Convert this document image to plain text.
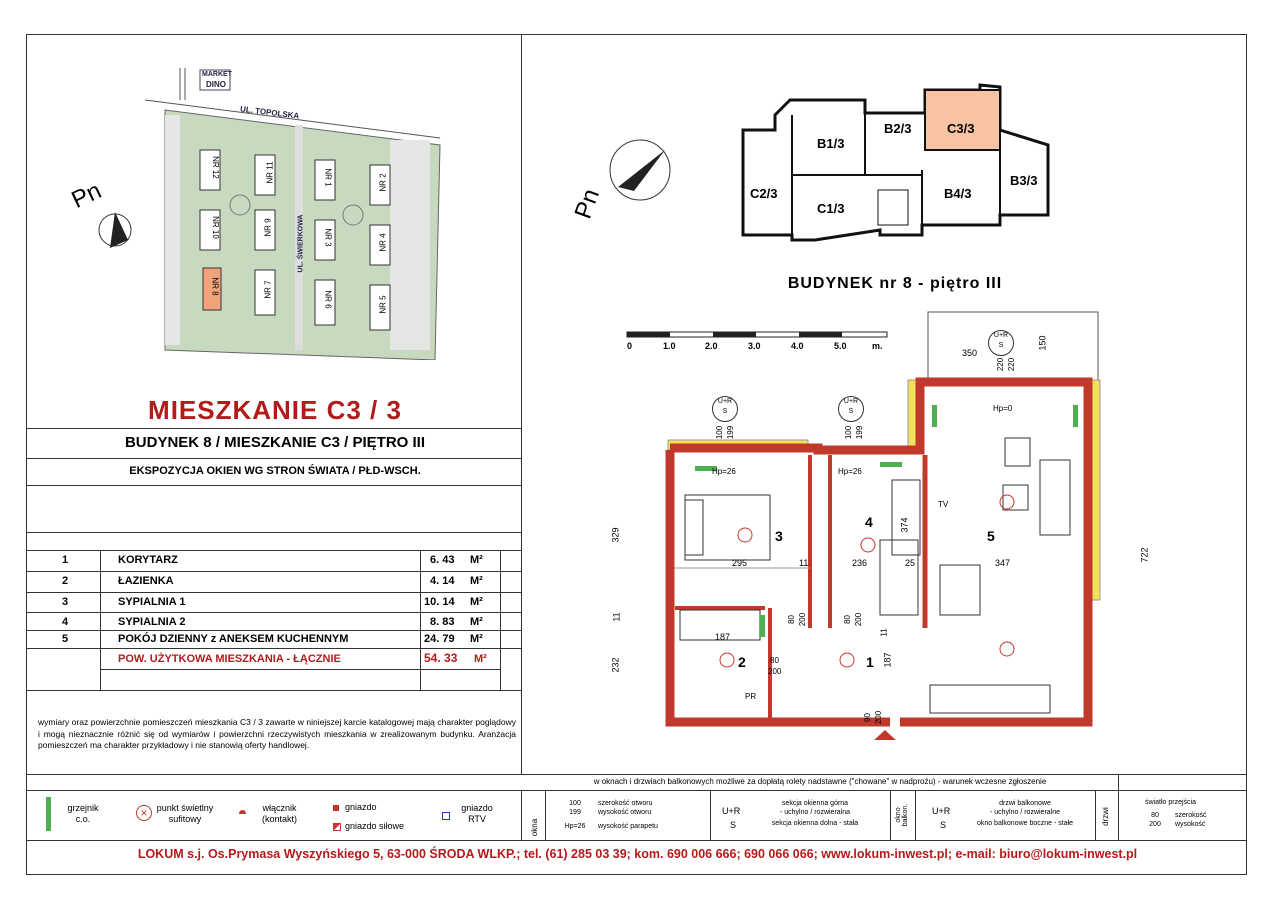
MARKET
DINO
UL. TOPOLSKA
UL. ŚWIERKOWA
Pn
NR 12	NR 11
NR 10	NR 9
NR 8	NR 7
NR 1	NR 2
NR 3	NR 4
NR 6	NR 5
MIESZKANIE C3 / 3
BUDYNEK 8 / MIESZKANIE C3 / PIĘTRO III
EKSPOZYCJA OKIEN WG STRON ŚWIATA / PŁD-WSCH.
1	KORYTARZ	6. 43 M²
2	ŁAZIENKA	4. 14 M²
3	SYPIALNIA 1	10. 14 M²
4	SYPIALNIA 2	8. 83 M²
5	POKÓJ DZIENNY z ANEKSEM KUCHENNYM	24. 79 M²
POW. UŻYTKOWA MIESZKANIA - ŁĄCZNIE	54. 33 M²
wymiary oraz powierzchnie pomieszczeń mieszkania C3 / 3 zawarte w niniejszej karcie katalogowej mają charakter poglądowy i mogą nieznacznie różnić się od wymiarów i powierzchni rzeczywistych mieszkania w zrealizowanym budynku. Aranżacja pomieszczeń ma charakter przykładowy i nie stanowią oferty handlowej.
Pn
B1/3
B2/3	C3/3
C2/3
C1/3
B4/3
B3/3
BUDYNEK nr 8 - piętro III
0	1.0	2.0	3.0	4.0	5.0	m.
3
4
5
2	1
329
11
232
295	11	236	25	347
374
187
187
722
350
150
100 199	100 199
220 220
80 200	80 200
80
200
90 200
11
Hp=26	Hp=26
Hp=0
U+R
S
U+R
S
U+R
S
TV
PR
w oknach i drzwiach balkonowych możliwe za dopłatą rolety nadstawne ("chowane" w nadprożu) - warunek wczesne zgłoszenie
grzejnik
c.o.	×	punkt świetlny
sufitowy
włącznik
(kontakt)
gniazdo
gniazdo siłowe
gniazdo
RTV	okna
100
199
Hp=26
szerokość otworu
wysokość otworu
wysokość parapetu
U+R
S
sekcja okienna górna
- uchylno / rozwieralna
sekcja okienna dolna - stała
okno balkon.	U+R
S
drzwi balkonowe
- uchylno / rozwieralne
okno balkonowe boczne - stałe	drzwi
światło przejścia
80
200
szerokość
wysokość
LOKUM s.j. Os.Prymasa Wyszyńskiego 5, 63-000 ŚRODA WLKP.; tel. (61) 285 03 39; kom. 690 006 666; 690 066 066; www.lokum-inwest.pl; e-mail: biuro@lokum-inwest.pl
